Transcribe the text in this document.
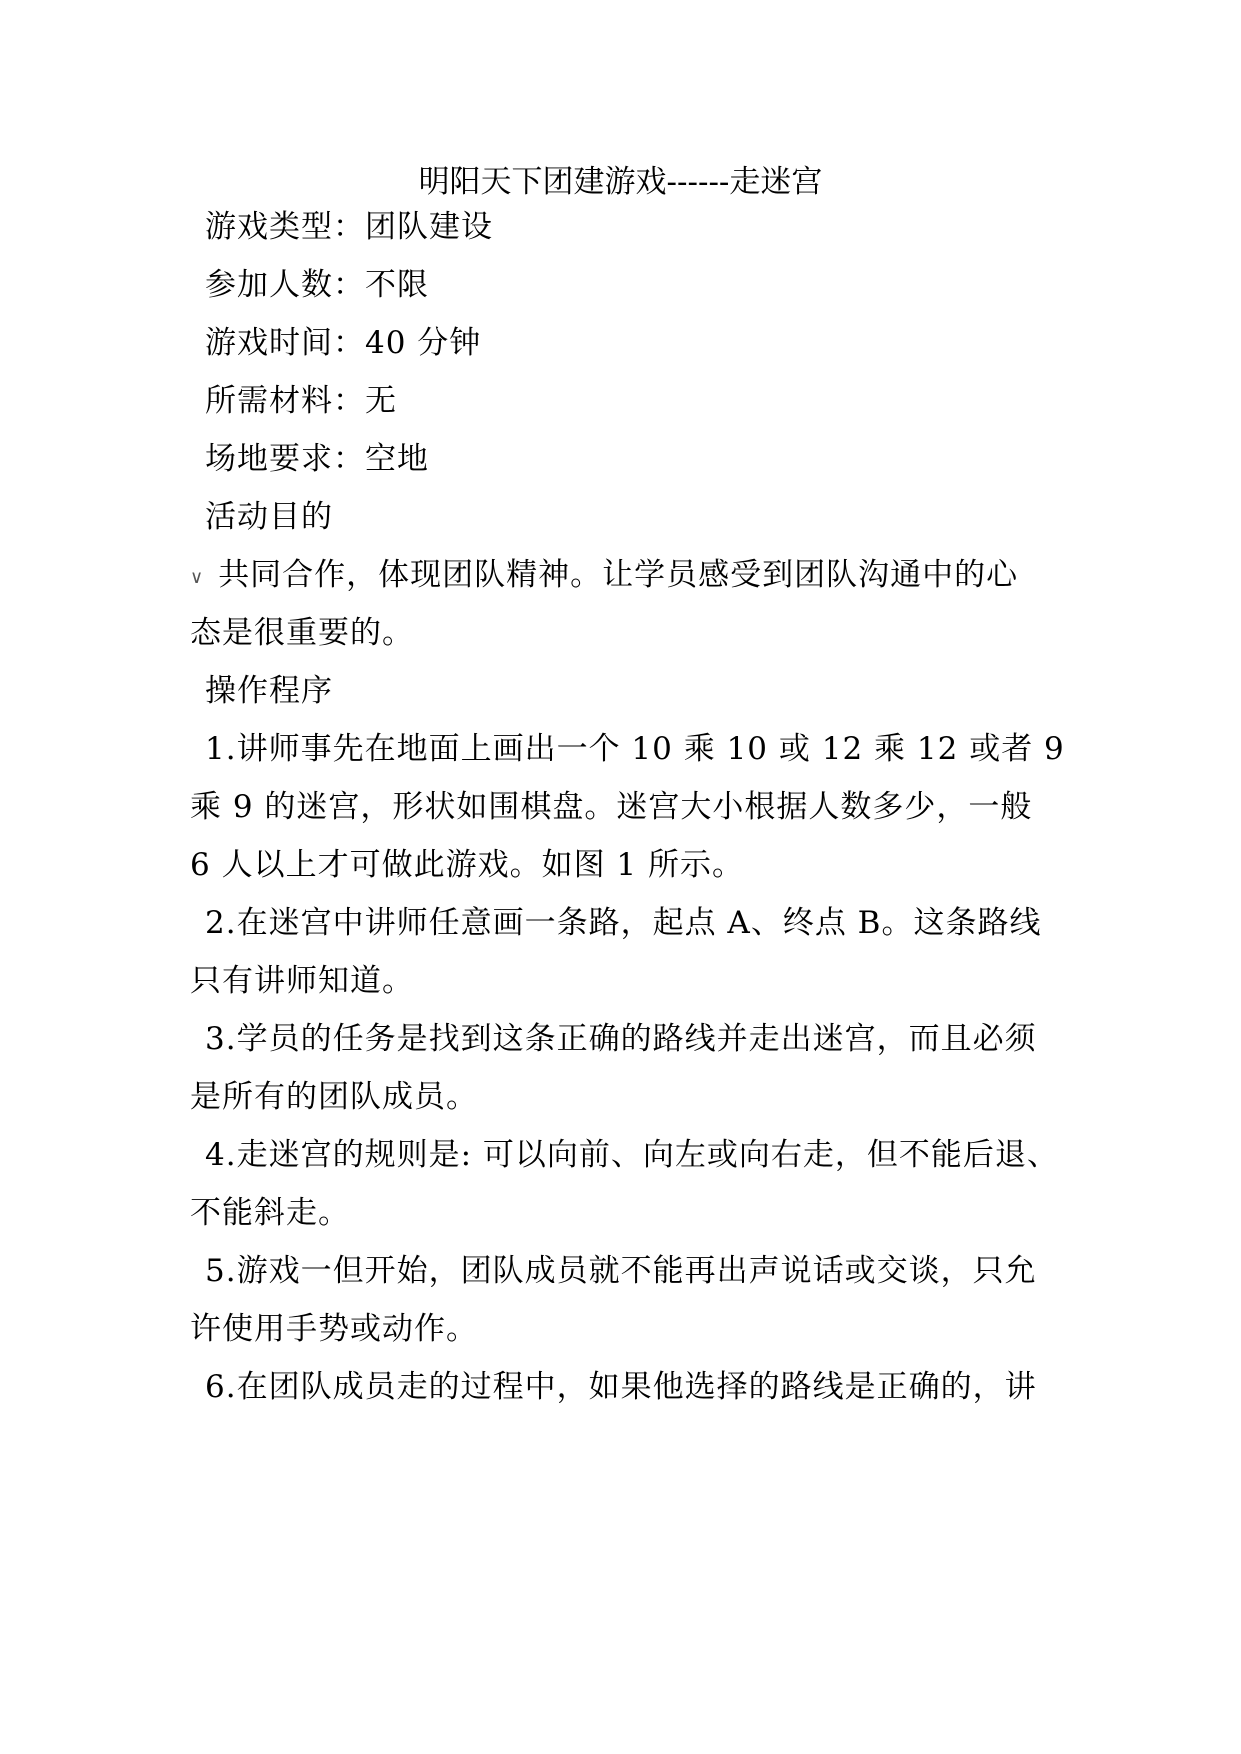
明阳天下团建游戏------走迷宫
游戏类型：团队建设
参加人数：不限
游戏时间：40 分钟
所需材料：无
场地要求：空地
活动目的
∨ 共同合作，体现团队精神。让学员感受到团队沟通中的心
态是很重要的。
操作程序
1.讲师事先在地面上画出一个 10 乘 10 或 12 乘 12 或者 9
乘 9 的迷宫，形状如围棋盘。迷宫大小根据人数多少，一般
6 人以上才可做此游戏。如图 1 所示。
2.在迷宫中讲师任意画一条路，起点 A、终点 B。这条路线
只有讲师知道。
3.学员的任务是找到这条正确的路线并走出迷宫，而且必须
是所有的团队成员。
4.走迷宫的规则是: 可以向前、向左或向右走，但不能后退、
不能斜走。
5.游戏一但开始，团队成员就不能再出声说话或交谈，只允
许使用手势或动作。
6.在团队成员走的过程中，如果他选择的路线是正确的，讲
